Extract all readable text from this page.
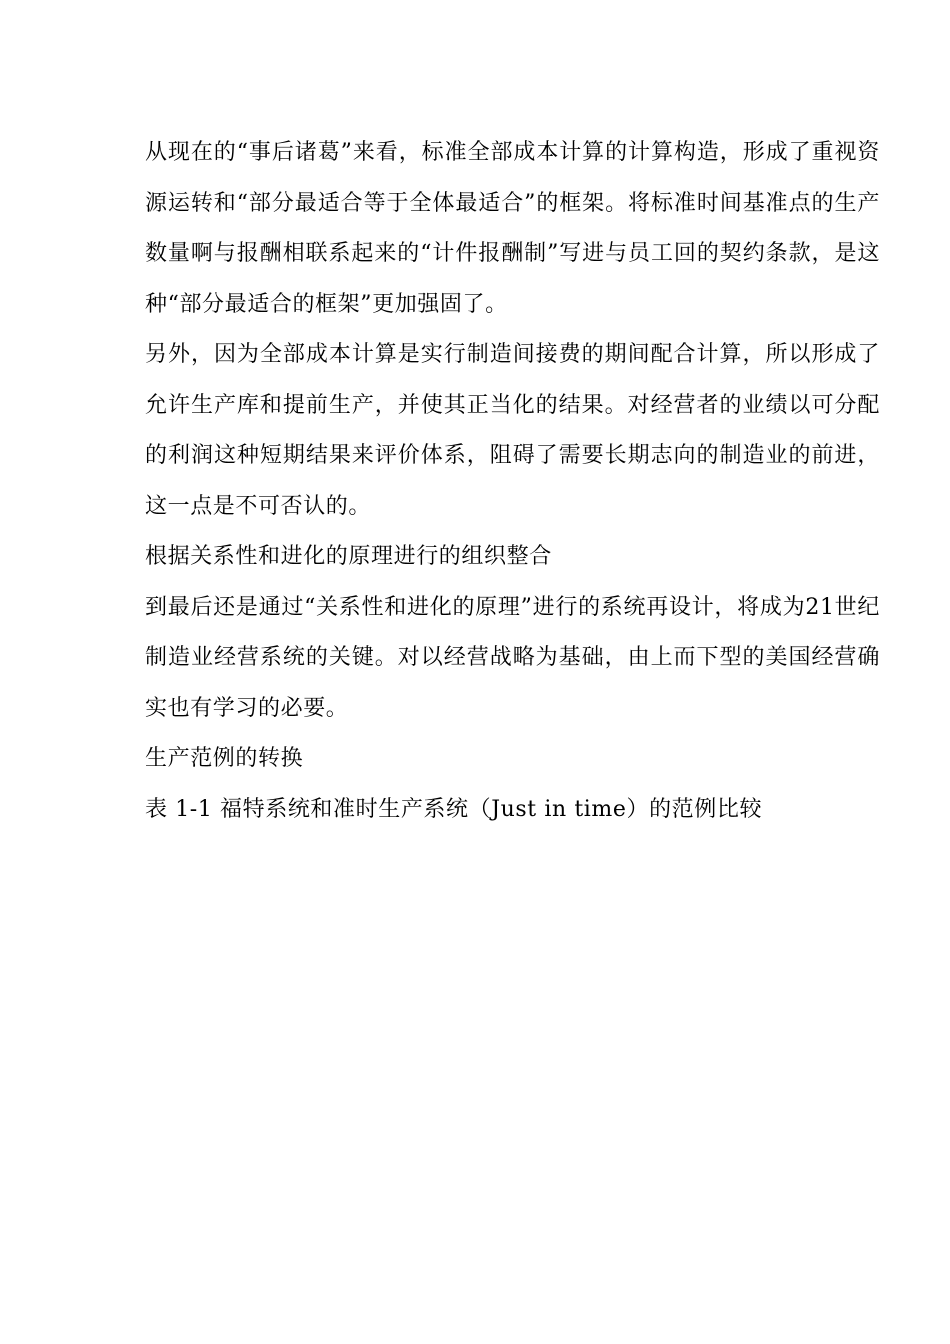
从现在的“事后诸葛”来看，标准全部成本计算的计算构造，形成了重视资源运转和“部分最适合等于全体最适合”的框架。将标准时间基准点的生产数量啊与报酬相联系起来的“计件报酬制”写进与员工回的契约条款，是这种“部分最适合的框架”更加强固了。

另外，因为全部成本计算是实行制造间接费的期间配合计算，所以形成了允许生产库和提前生产，并使其正当化的结果。对经营者的业绩以可分配的利润这种短期结果来评价体系，阻碍了需要长期志向的制造业的前进，这一点是不可否认的。

根据关系性和进化的原理进行的组织整合

到最后还是通过“关系性和进化的原理”进行的系统再设计，将成为21世纪制造业经营系统的关键。对以经营战略为基础，由上而下型的美国经营确实也有学习的必要。

生产范例的转换

表 1-1 福特系统和准时生产系统（Just in time）的范例比较
